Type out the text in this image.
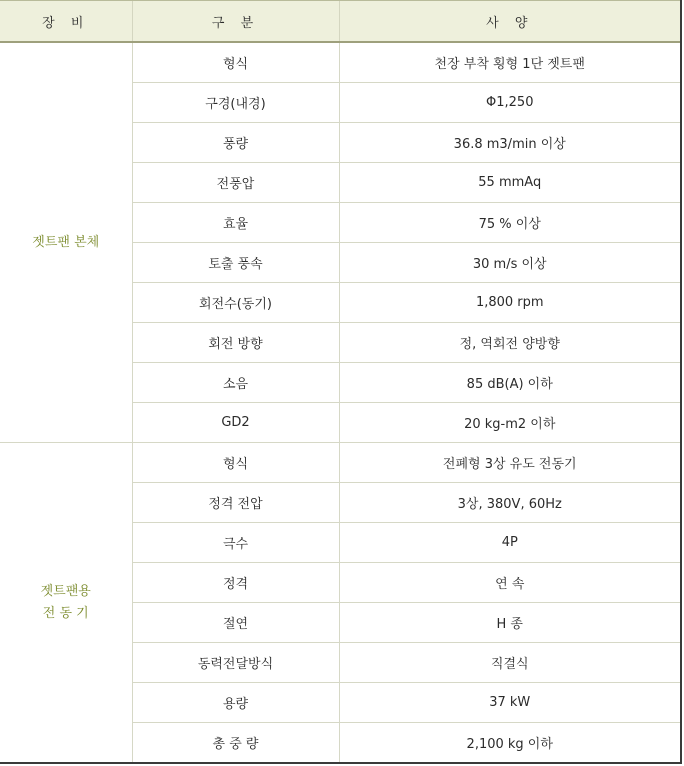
장 비	구 분	사 양

젯트팬 본체	형식	천장 부착 횡형 1단 젯트팬
	구경(내경)	Φ1,250
	풍량	36.8 m3/min 이상
	전풍압	55 mmAq
	효율	75 % 이상
	토출 풍속	30 m/s 이상
	회전수(동기)	1,800 rpm
	회전 방향	정, 역회전 양방향
	소음	85 dB(A) 이하
	GD2	20 kg-m2 이하

젯트팬용
전 동 기	형식	전폐형 3상 유도 전동기
	정격 전압	3상, 380V, 60Hz
	극수	4P
	정격	연 속
	절연	H 종
	동력전달방식	직결식
	용량	37 kW
	총 중 량	2,100 kg 이하
